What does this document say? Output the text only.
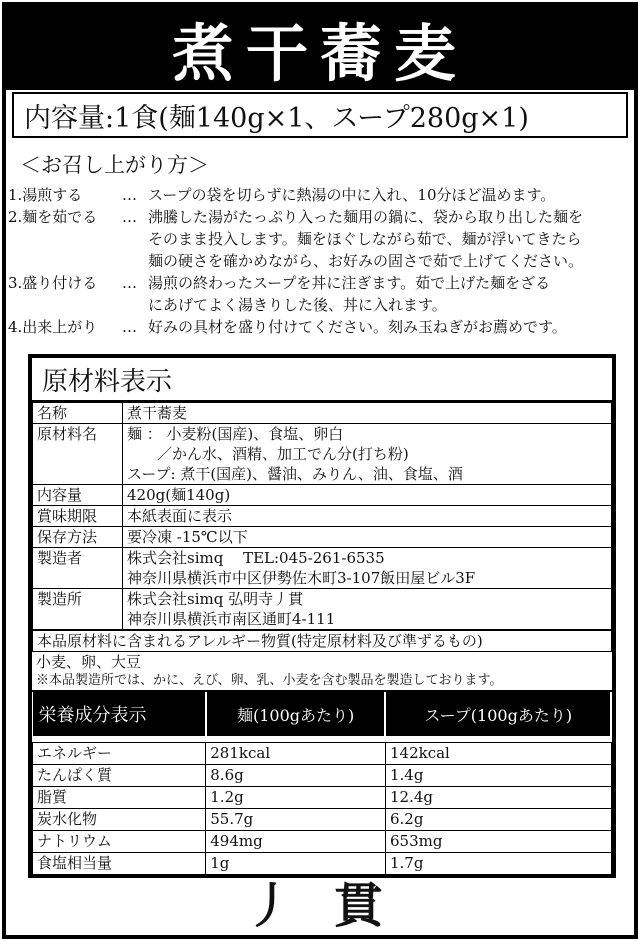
煮干蕎麦
内容量:1食(麺140g×1、スープ280g×1)
＜お召し上がり方＞
1.湯煎する	… スープの袋を切らずに熱湯の中に入れ、10分ほど温めます。
2.麺を茹でる	… 沸騰した湯がたっぷり入った麺用の鍋に、袋から取り出した麺を
そのまま投入します。麺をほぐしながら茹で、麺が浮いてきたら
麺の硬さを確かめながら、お好みの固さで茹で上げてください。
3.盛り付ける	… 湯煎の終わったスープを丼に注ぎます。茹で上げた麺をざる
にあげてよく湯きりした後、丼に入れます。
4.出来上がり	… 好みの具材を盛り付けてください。刻み玉ねぎがお薦めです。
原材料表示
名称	煮干蕎麦
原材料名	麺 ： 小麦粉(国産)、食塩、卵白
　　／かん水、酒精、加工でん分(打ち粉)
スープ: 煮干(国産)、醤油、みりん、油、食塩、酒
内容量	420g(麺140g)
賞味期限	本紙表面に表示
保存方法	要冷凍 -15℃以下
製造者	株式会社simq　 TEL:045-261-6535
神奈川県横浜市中区伊勢佐木町3-107飯田屋ビル3F
製造所	株式会社simq 弘明寺丿貫
神奈川県横浜市南区通町4-111
本品原材料に含まれるアレルギー物質(特定原材料及び準ずるもの)
小麦、卵、大豆
※本品製造所では、かに、えび、卵、乳、小麦を含む製品を製造しております。
栄養成分表示	麺(100gあたり)	スープ(100gあたり)

エネルギー	281kcal	142kcal
たんぱく質	8.6g	1.4g
脂質	1.2g	12.4g
炭水化物	55.7g	6.2g
ナトリウム	494mg	653mg
食塩相当量	1g	1.7g
丿 貫
